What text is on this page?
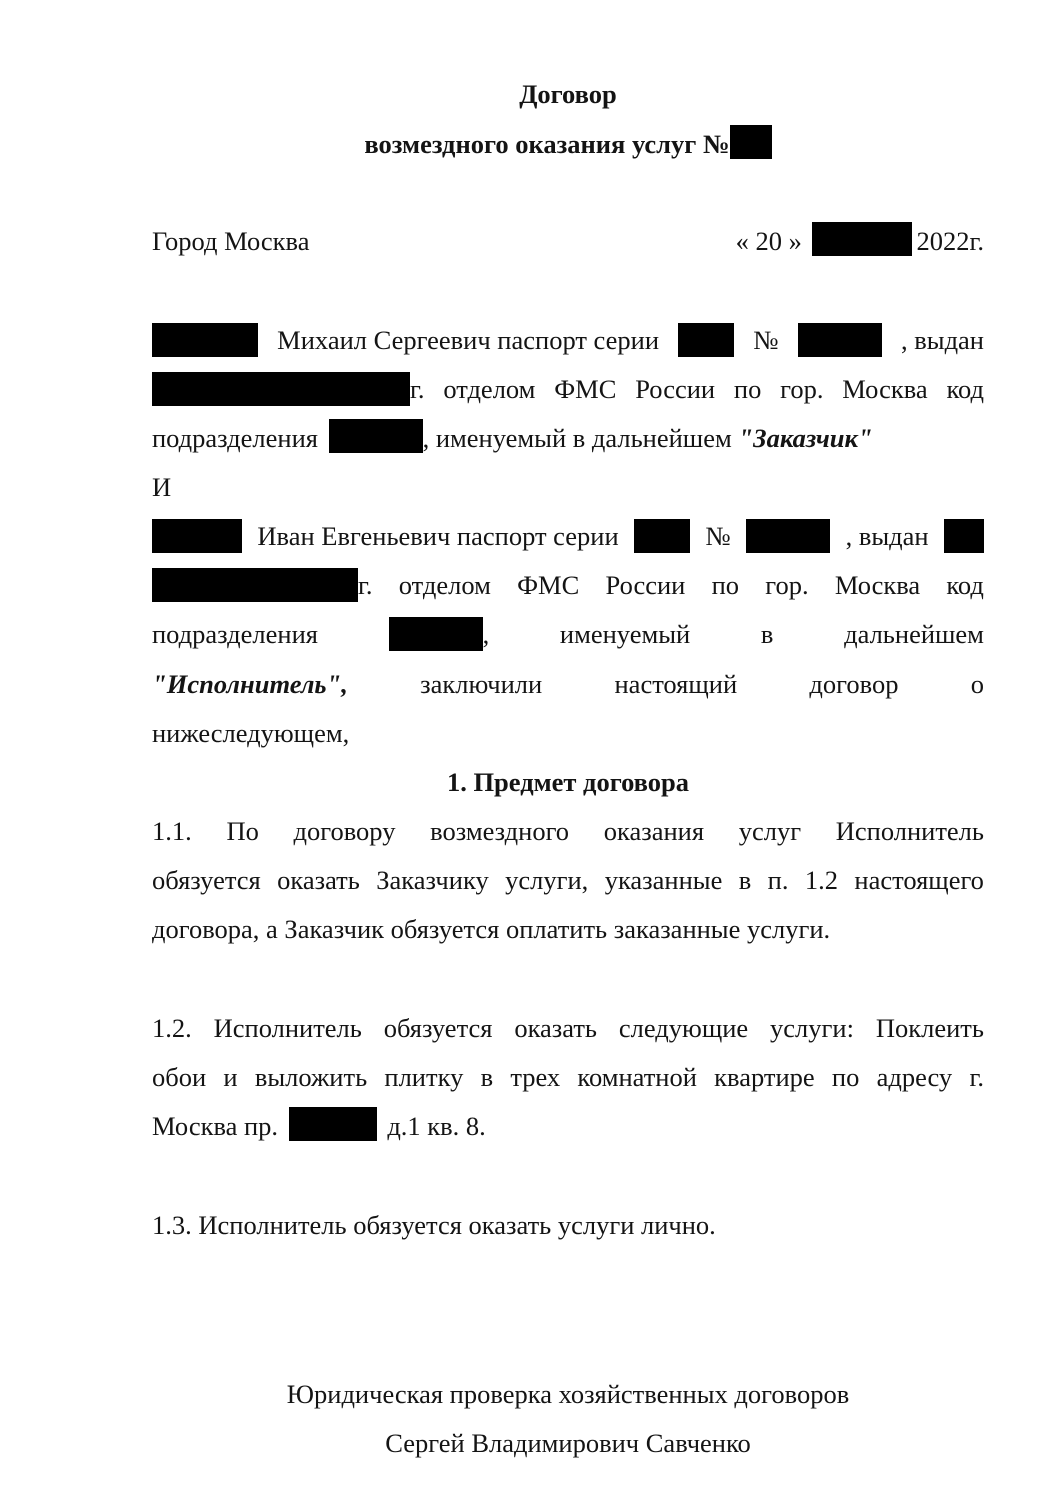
Договор
возмездного оказания услуг №
Город Москва	« 20 »	2022г.
Михаил Сергеевич паспорт серии	№	, выдан
г. отделом ФМС России по гор. Москва код
подразделения	, именуемый в дальнейшем "Заказчик"
И
Иван Евгеньевич паспорт серии	№	, выдан
г. отделом ФМС России по гор. Москва код
подразделения	,	именуемый	в	дальнейшем
"Исполнитель",	заключили	настоящий	договор	о
нижеследующем,
1. Предмет договора
1.1. По договору возмездного оказания услуг Исполнитель
обязуется оказать Заказчику услуги, указанные в п. 1.2 настоящего
договора, а Заказчик обязуется оплатить заказанные услуги.
1.2. Исполнитель обязуется оказать следующие услуги: Поклеить
обои и выложить плитку в трех комнатной квартире по адресу г.
Москва пр.	д.1 кв. 8.
1.3. Исполнитель обязуется оказать услуги лично.
Юридическая проверка хозяйственных договоров
Сергей Владимирович Савченко
